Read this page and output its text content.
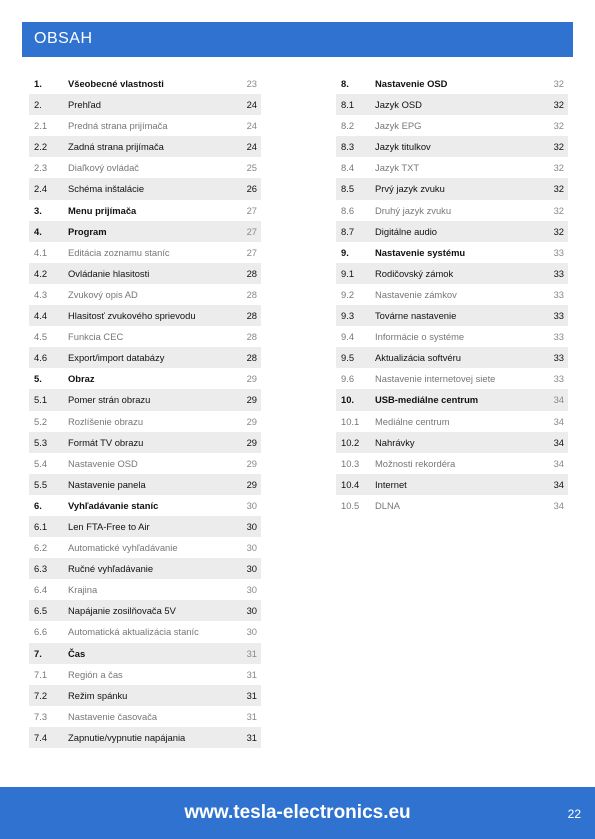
OBSAH
1.	Všeobecné vlastnosti	23
2.	Prehľad	24
2.1 Predná strana prijímača	24
2.2 Zadná strana prijímača	24
2.3 Diaľkový ovládač	25
2.4 Schéma inštalácie	26
3.	Menu prijímača	27
4.	Program	27
4.1 Editácia zoznamu staníc	27
4.2 Ovládanie hlasitosti	28
4.3 Zvukový opis AD	28
4.4 Hlasitosť zvukového sprievodu	28
4.5 Funkcia CEC	28
4.6 Export/import databázy	28
5.	Obraz	29
5.1 Pomer strán obrazu	29
5.2 Rozlíšenie obrazu	29
5.3 Formát TV obrazu	29
5.4 Nastavenie OSD	29
5.5 Nastavenie panela	29
6.	Vyhľadávanie staníc	30
6.1 Len FTA-Free to Air	30
6.2 Automatické vyhľadávanie	30
6.3 Ručné vyhľadávanie	30
6.4 Krajina	30
6.5 Napájanie zosilňovača 5V	30
6.6 Automatická aktualizácia staníc	30
7.	Čas	31
7.1 Región a čas	31
7.2 Režim spánku	31
7.3 Nastavenie časovača	31
7.4 Zapnutie/vypnutie napájania	31
8.	Nastavenie OSD	32
8.1 Jazyk OSD	32
8.2 Jazyk EPG	32
8.3 Jazyk titulkov	32
8.4 Jazyk TXT	32
8.5 Prvý jazyk zvuku	32
8.6 Druhý jazyk zvuku	32
8.7 Digitálne audio	32
9.	Nastavenie systému	33
9.1 Rodičovský zámok	33
9.2 Nastavenie zámkov	33
9.3 Továrne nastavenie	33
9.4 Informácie o systéme	33
9.5 Aktualizácia softvéru	33
9.6 Nastavenie internetovej siete	33
10. USB-mediálne centrum	34
10.1 Mediálne centrum	34
10.2 Nahrávky	34
10.3 Možnosti rekordéra	34
10.4 Internet	34
10.5 DLNA	34
www.tesla-electronics.eu	22
